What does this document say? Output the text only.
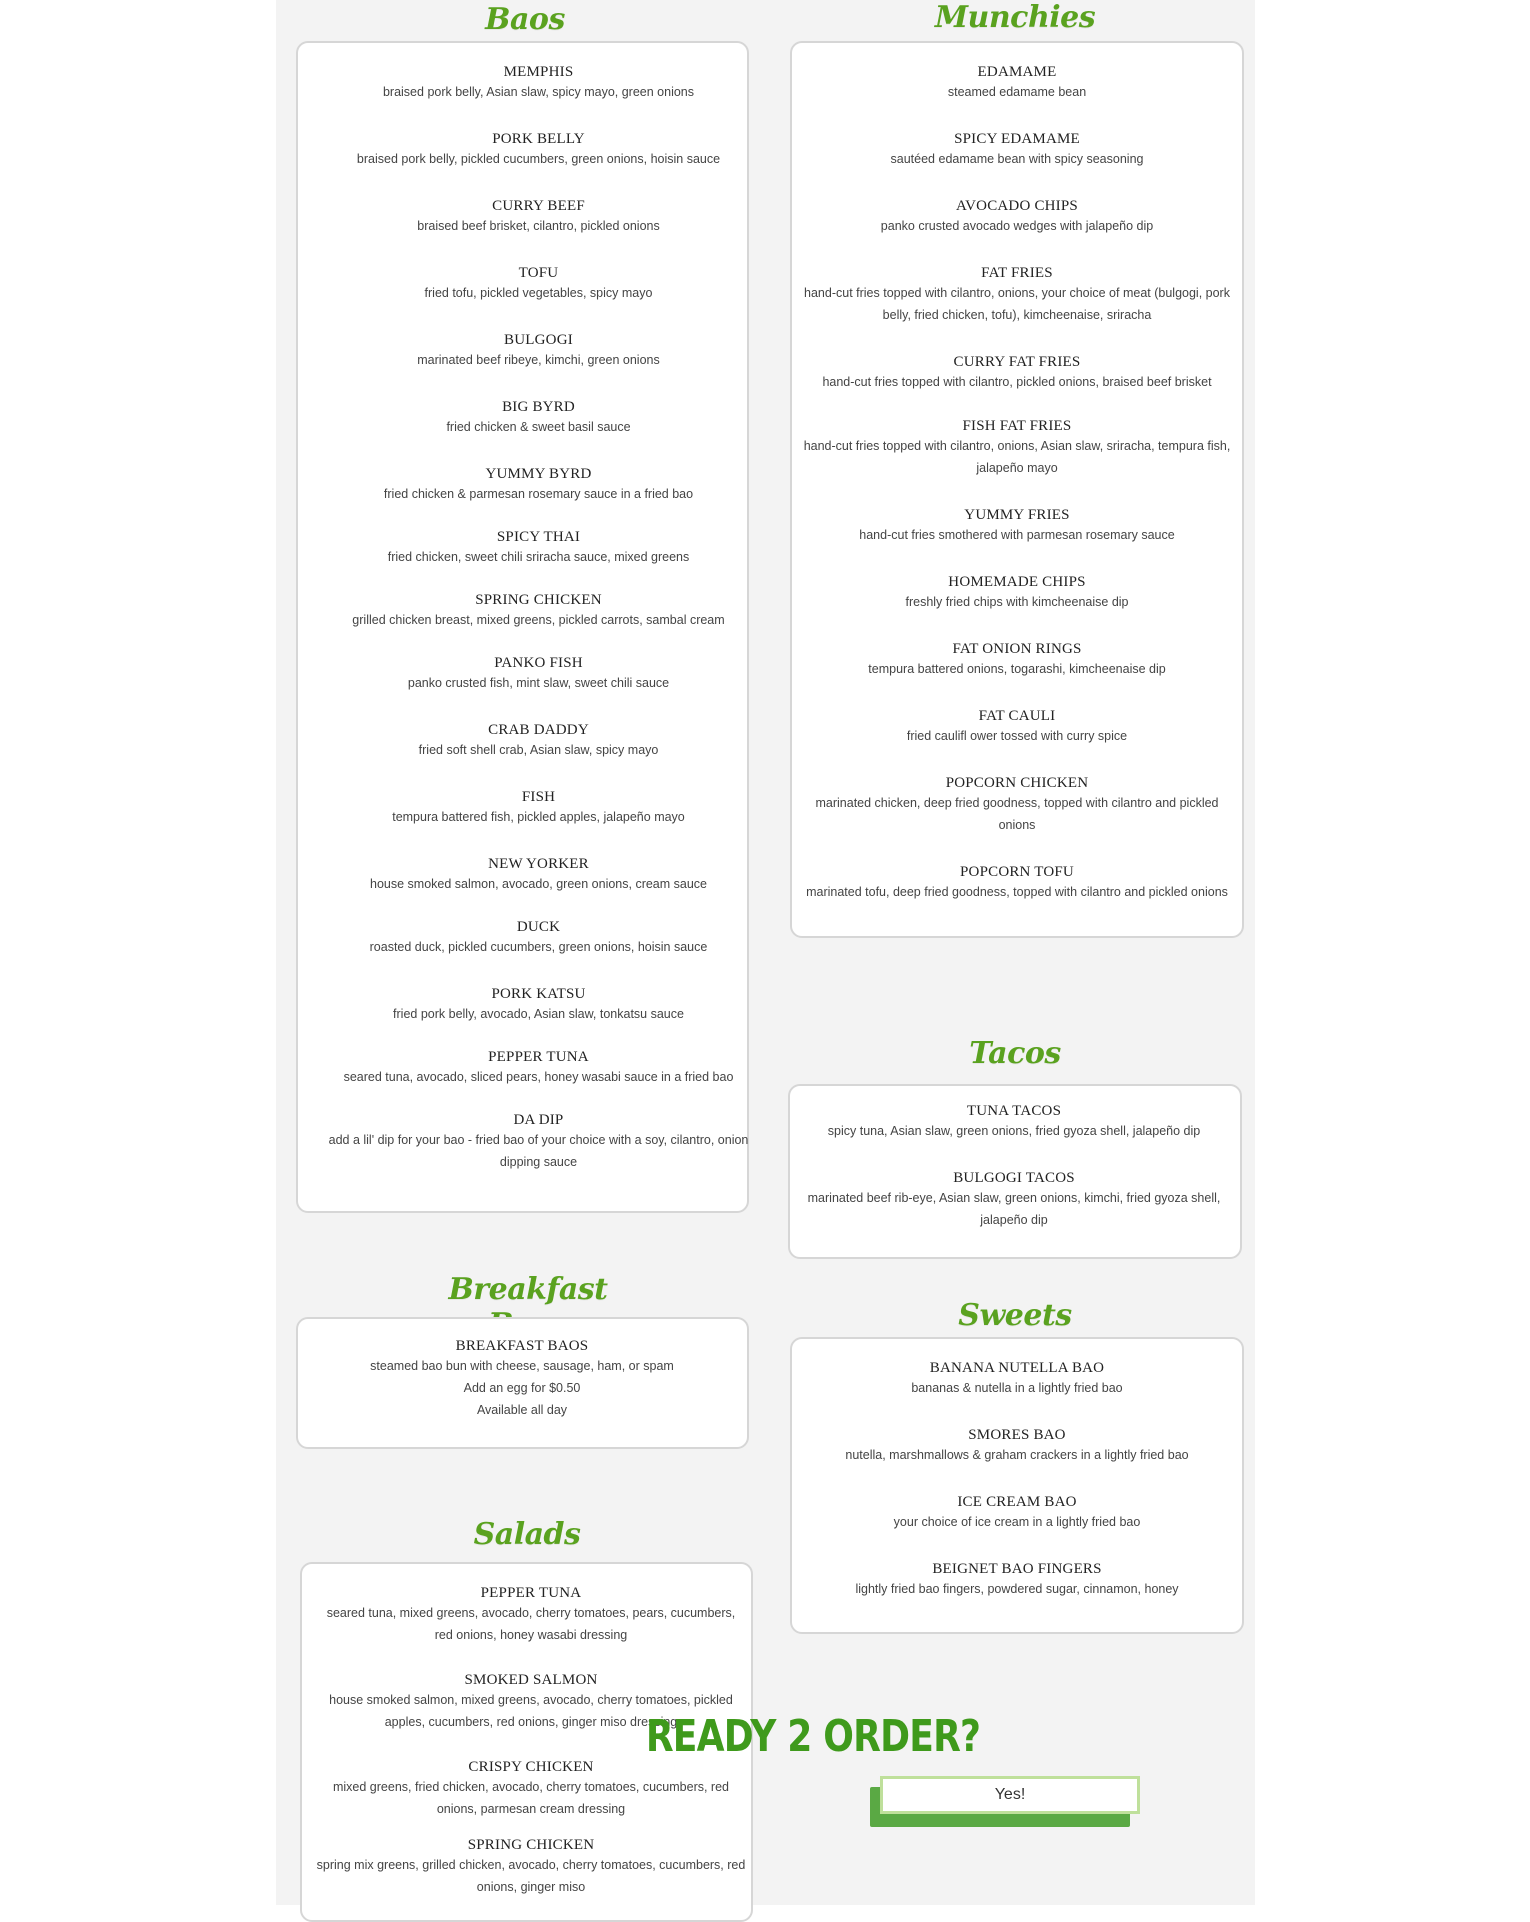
Baos
MEMPHIS
braised pork belly, Asian slaw, spicy mayo, green onions
PORK BELLY
braised pork belly, pickled cucumbers, green onions, hoisin sauce
CURRY BEEF
braised beef brisket, cilantro, pickled onions
TOFU
fried tofu, pickled vegetables, spicy mayo
BULGOGI
marinated beef ribeye, kimchi, green onions
BIG BYRD
fried chicken & sweet basil sauce
YUMMY BYRD
fried chicken & parmesan rosemary sauce in a fried bao
SPICY THAI
fried chicken, sweet chili sriracha sauce, mixed greens
SPRING CHICKEN
grilled chicken breast, mixed greens, pickled carrots, sambal cream
PANKO FISH
panko crusted fish, mint slaw, sweet chili sauce
CRAB DADDY
fried soft shell crab, Asian slaw, spicy mayo
FISH
tempura battered fish, pickled apples, jalapeño mayo
NEW YORKER
house smoked salmon, avocado, green onions, cream sauce
DUCK
roasted duck, pickled cucumbers, green onions, hoisin sauce
PORK KATSU
fried pork belly, avocado, Asian slaw, tonkatsu sauce
PEPPER TUNA
seared tuna, avocado, sliced pears, honey wasabi sauce in a fried bao
DA DIP
add a lil' dip for your bao - fried bao of your choice with a soy, cilantro, onion dipping sauce
Munchies
EDAMAME
steamed edamame bean
SPICY EDAMAME
sautéed edamame bean with spicy seasoning
AVOCADO CHIPS
panko crusted avocado wedges with jalapeño dip
FAT FRIES
hand-cut fries topped with cilantro, onions, your choice of meat (bulgogi, pork belly, fried chicken, tofu), kimcheenaise, sriracha
CURRY FAT FRIES
hand-cut fries topped with cilantro, pickled onions, braised beef brisket
FISH FAT FRIES
hand-cut fries topped with cilantro, onions, Asian slaw, sriracha, tempura fish, jalapeño mayo
YUMMY FRIES
hand-cut fries smothered with parmesan rosemary sauce
HOMEMADE CHIPS
freshly fried chips with kimcheenaise dip
FAT ONION RINGS
tempura battered onions, togarashi, kimcheenaise dip
FAT CAULI
fried caulifl ower tossed with curry spice
POPCORN CHICKEN
marinated chicken, deep fried goodness, topped with cilantro and pickled onions
POPCORN TOFU
marinated tofu, deep fried goodness, topped with cilantro and pickled onions
Tacos
TUNA TACOS
spicy tuna, Asian slaw, green onions, fried gyoza shell, jalapeño dip
BULGOGI TACOS
marinated beef rib-eye, Asian slaw, green onions, kimchi, fried gyoza shell, jalapeño dip
Breakfast
BREAKFAST BAOS
steamed bao bun with cheese, sausage, ham, or spam
Add an egg for $0.50
Available all day
Sweets
BANANA NUTELLA BAO
bananas & nutella in a lightly fried bao
SMORES BAO
nutella, marshmallows & graham crackers in a lightly fried bao
ICE CREAM BAO
your choice of ice cream in a lightly fried bao
BEIGNET BAO FINGERS
lightly fried bao fingers, powdered sugar, cinnamon, honey
Salads
PEPPER TUNA
seared tuna, mixed greens, avocado, cherry tomatoes, pears, cucumbers, red onions, honey wasabi dressing
SMOKED SALMON
house smoked salmon, mixed greens, avocado, cherry tomatoes, pickled apples, cucumbers, red onions, ginger miso dressing
CRISPY CHICKEN
mixed greens, fried chicken, avocado, cherry tomatoes, cucumbers, red onions, parmesan cream dressing
SPRING CHICKEN
spring mix greens, grilled chicken, avocado, cherry tomatoes, cucumbers, red onions, ginger miso
READY 2 ORDER?
Yes!
